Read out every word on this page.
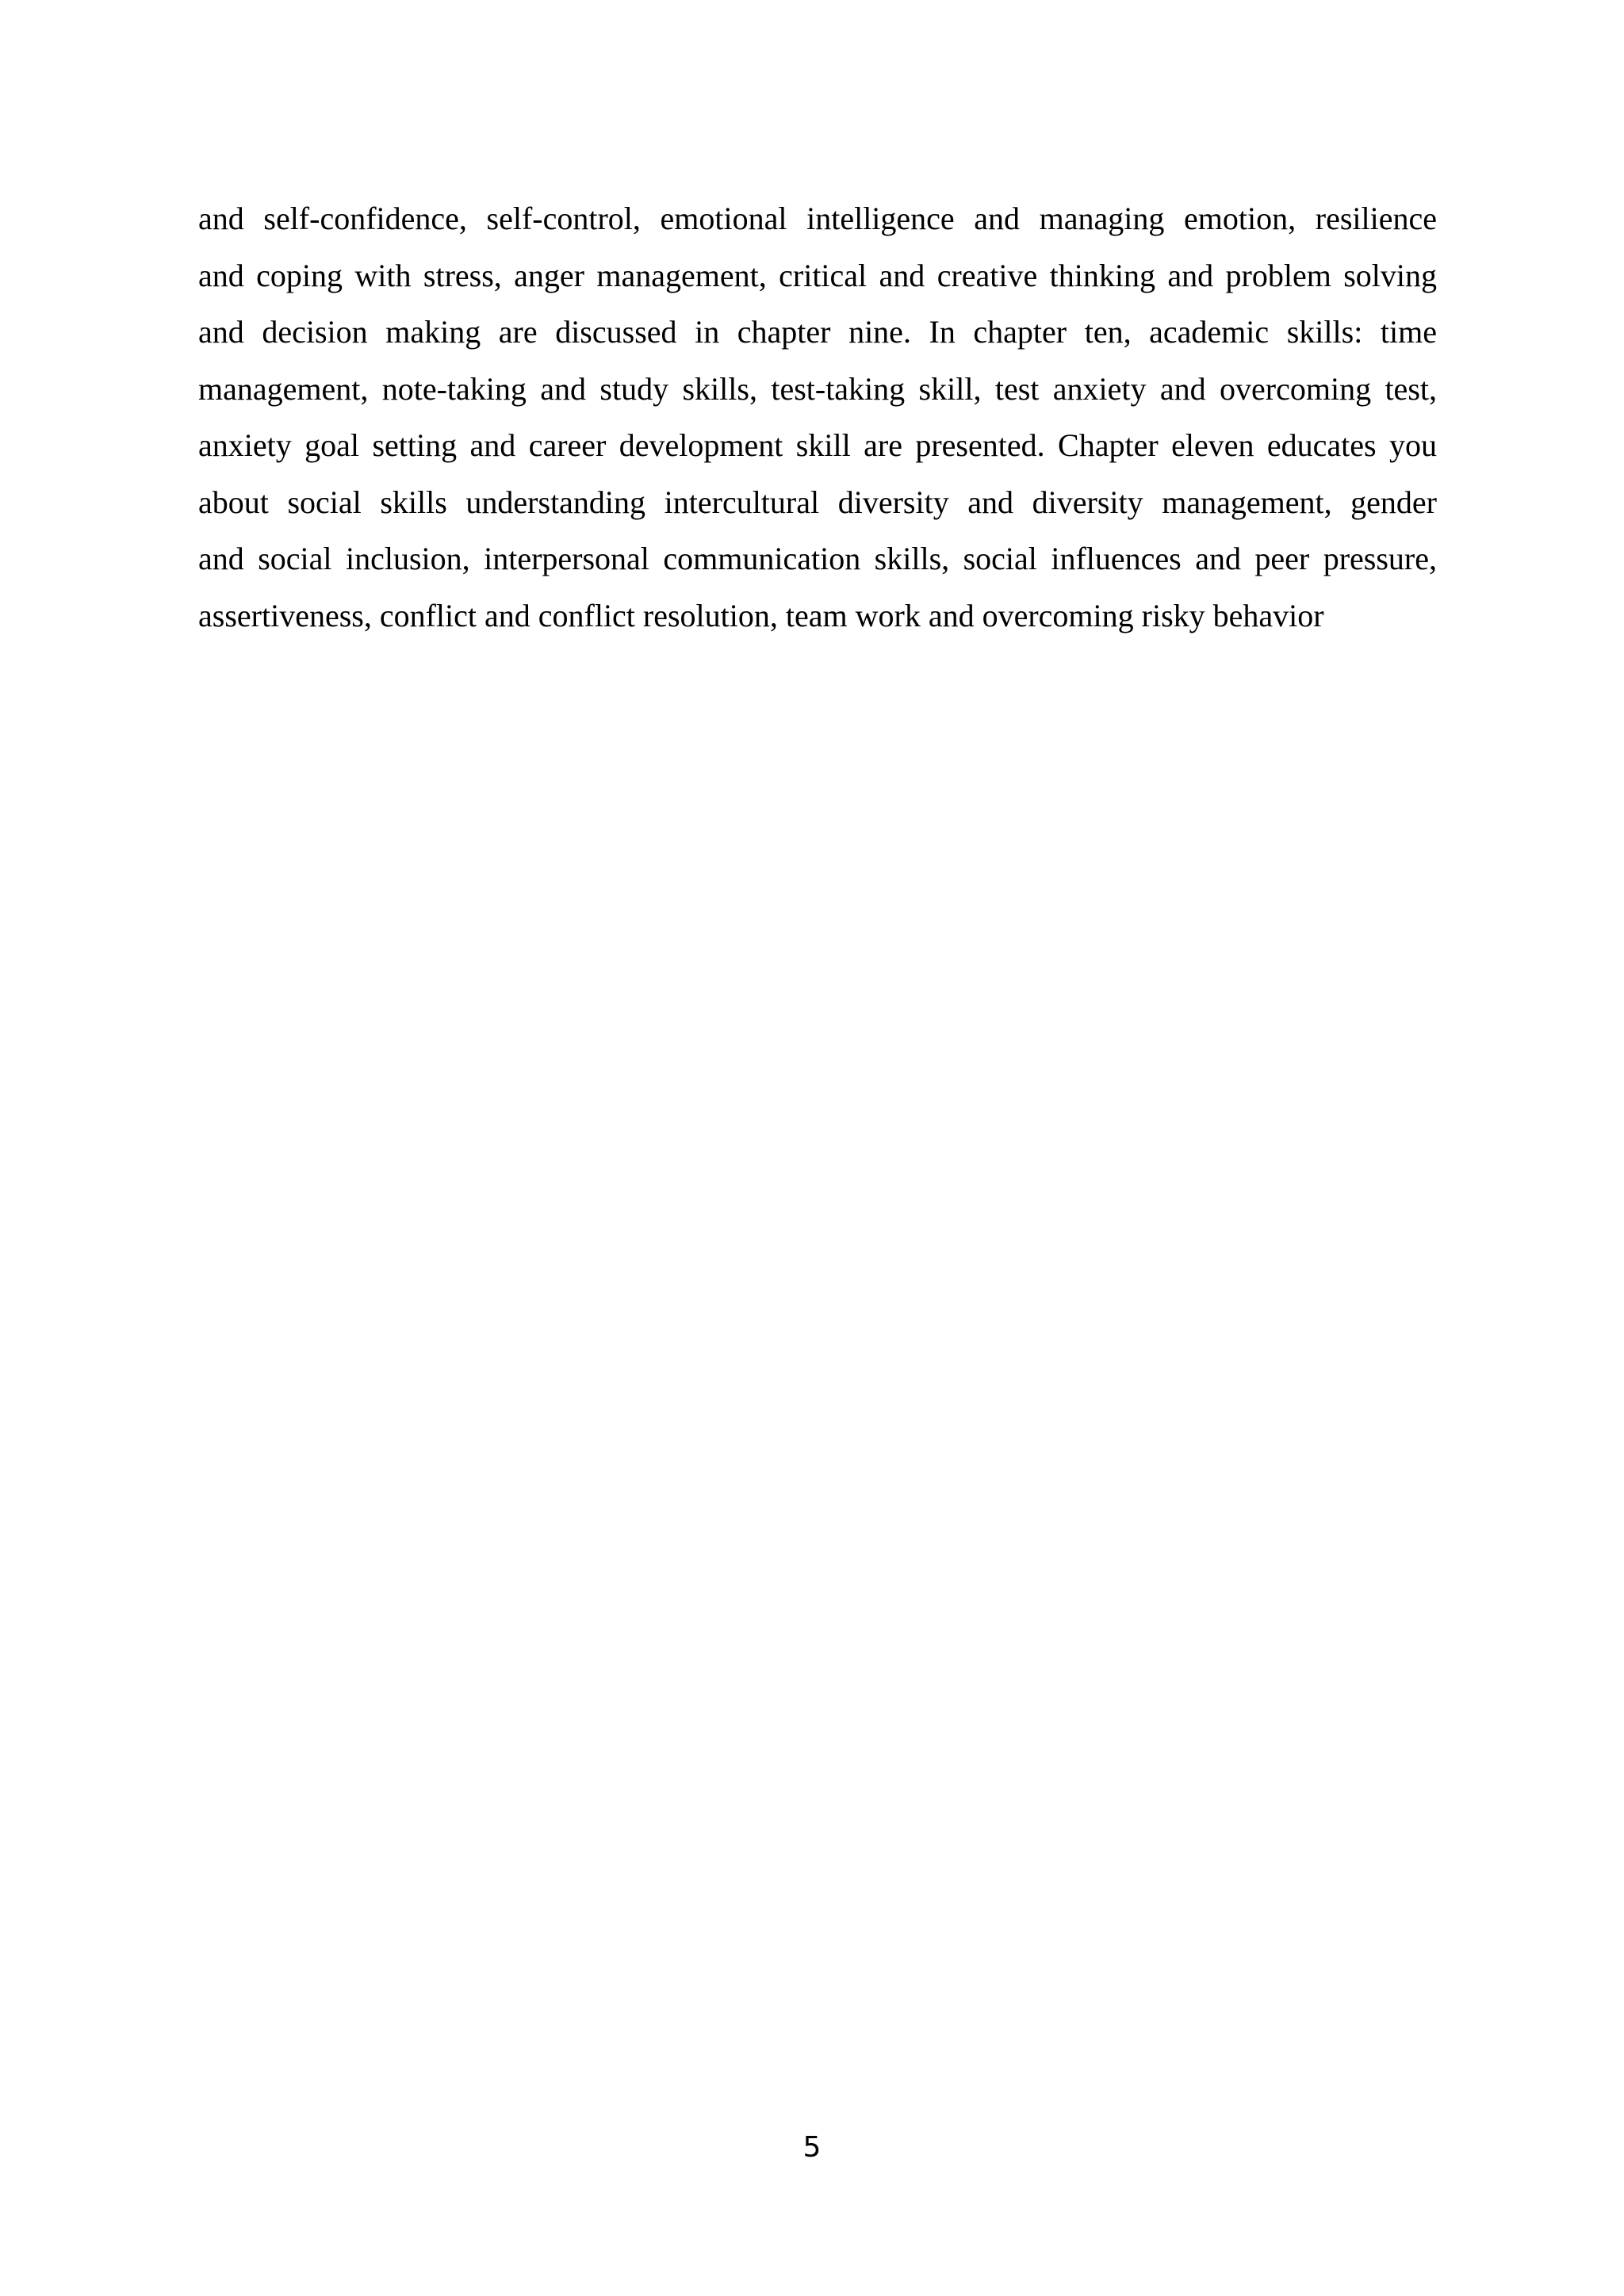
and self-confidence, self-control, emotional intelligence and managing emotion, resilience
and coping with stress, anger management, critical and creative thinking and problem solving
and decision making are discussed in chapter nine. In chapter ten, academic skills: time
management, note-taking and study skills, test-taking skill, test anxiety and overcoming test,
anxiety goal setting and career development skill are presented. Chapter eleven educates you
about social skills understanding intercultural diversity and diversity management, gender
and social inclusion, interpersonal communication skills, social influences and peer pressure,
assertiveness, conflict and conflict resolution, team work and overcoming risky behavior
5
